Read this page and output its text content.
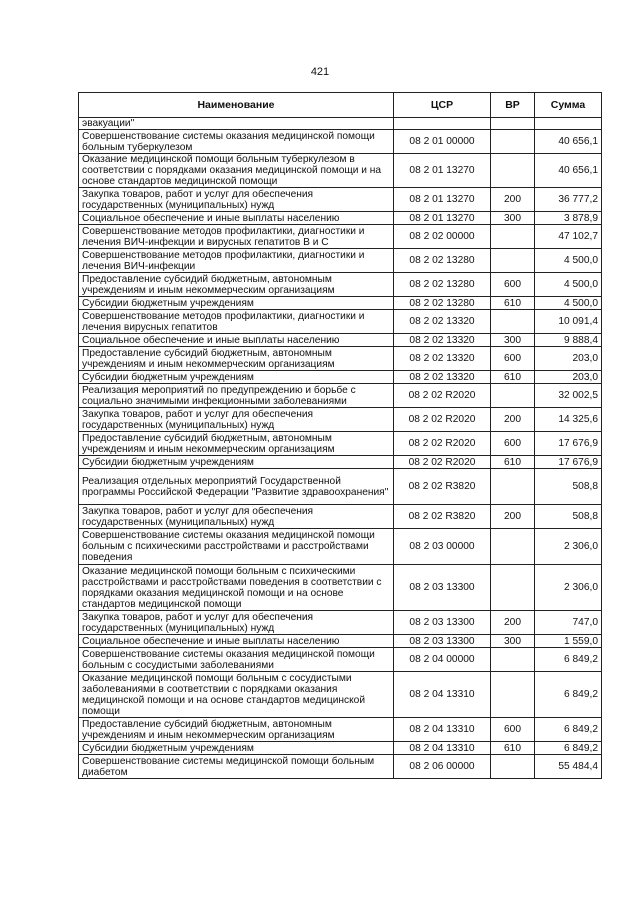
421
Наименование	ЦСР	ВР	Сумма
эвакуации"			
Совершенствование системы оказания медицинской помощи больным туберкулезом	08 2 01 00000		40 656,1
Оказание медицинской помощи больным туберкулезом в соответствии с порядками оказания медицинской помощи и на основе стандартов медицинской помощи	08 2 01 13270		40 656,1
Закупка товаров, работ и услуг для обеспечения государственных (муниципальных) нужд	08 2 01 13270	200	36 777,2
Социальное обеспечение и иные выплаты населению	08 2 01 13270	300	3 878,9
Совершенствование методов профилактики, диагностики и лечения ВИЧ-инфекции и вирусных гепатитов В и С	08 2 02 00000		47 102,7
Совершенствование методов профилактики, диагностики и лечения ВИЧ-инфекции	08 2 02 13280		4 500,0
Предоставление субсидий бюджетным, автономным учреждениям и иным некоммерческим организациям	08 2 02 13280	600	4 500,0
Субсидии бюджетным учреждениям	08 2 02 13280	610	4 500,0
Совершенствование методов профилактики, диагностики и лечения вирусных гепатитов	08 2 02 13320		10 091,4
Социальное обеспечение и иные выплаты населению	08 2 02 13320	300	9 888,4
Предоставление субсидий бюджетным, автономным учреждениям и иным некоммерческим организациям	08 2 02 13320	600	203,0
Субсидии бюджетным учреждениям	08 2 02 13320	610	203,0
Реализация мероприятий по предупреждению и борьбе с социально значимыми инфекционными заболеваниями	08 2 02 R2020		32 002,5
Закупка товаров, работ и услуг для обеспечения государственных (муниципальных) нужд	08 2 02 R2020	200	14 325,6
Предоставление субсидий бюджетным, автономным учреждениям и иным некоммерческим организациям	08 2 02 R2020	600	17 676,9
Субсидии бюджетным учреждениям	08 2 02 R2020	610	17 676,9
Реализация отдельных мероприятий Государственной программы Российской Федерации "Развитие здравоохранения"	08 2 02 R3820		508,8
Закупка товаров, работ и услуг для обеспечения государственных (муниципальных) нужд	08 2 02 R3820	200	508,8
Совершенствование системы оказания медицинской помощи больным с психическими расстройствами и расстройствами поведения	08 2 03 00000		2 306,0
Оказание медицинской помощи больным с психическими расстройствами и расстройствами поведения в соответствии с порядками оказания медицинской помощи и на основе стандартов медицинской помощи	08 2 03 13300		2 306,0
Закупка товаров, работ и услуг для обеспечения государственных (муниципальных) нужд	08 2 03 13300	200	747,0
Социальное обеспечение и иные выплаты населению	08 2 03 13300	300	1 559,0
Совершенствование системы оказания медицинской помощи больным с сосудистыми заболеваниями	08 2 04 00000		6 849,2
Оказание медицинской помощи больным с сосудистыми заболеваниями в соответствии с порядками оказания медицинской помощи и на основе стандартов медицинской помощи	08 2 04 13310		6 849,2
Предоставление субсидий бюджетным, автономным учреждениям и иным некоммерческим организациям	08 2 04 13310	600	6 849,2
Субсидии бюджетным учреждениям	08 2 04 13310	610	6 849,2
Совершенствование системы медицинской помощи больным диабетом	08 2 06 00000		55 484,4
